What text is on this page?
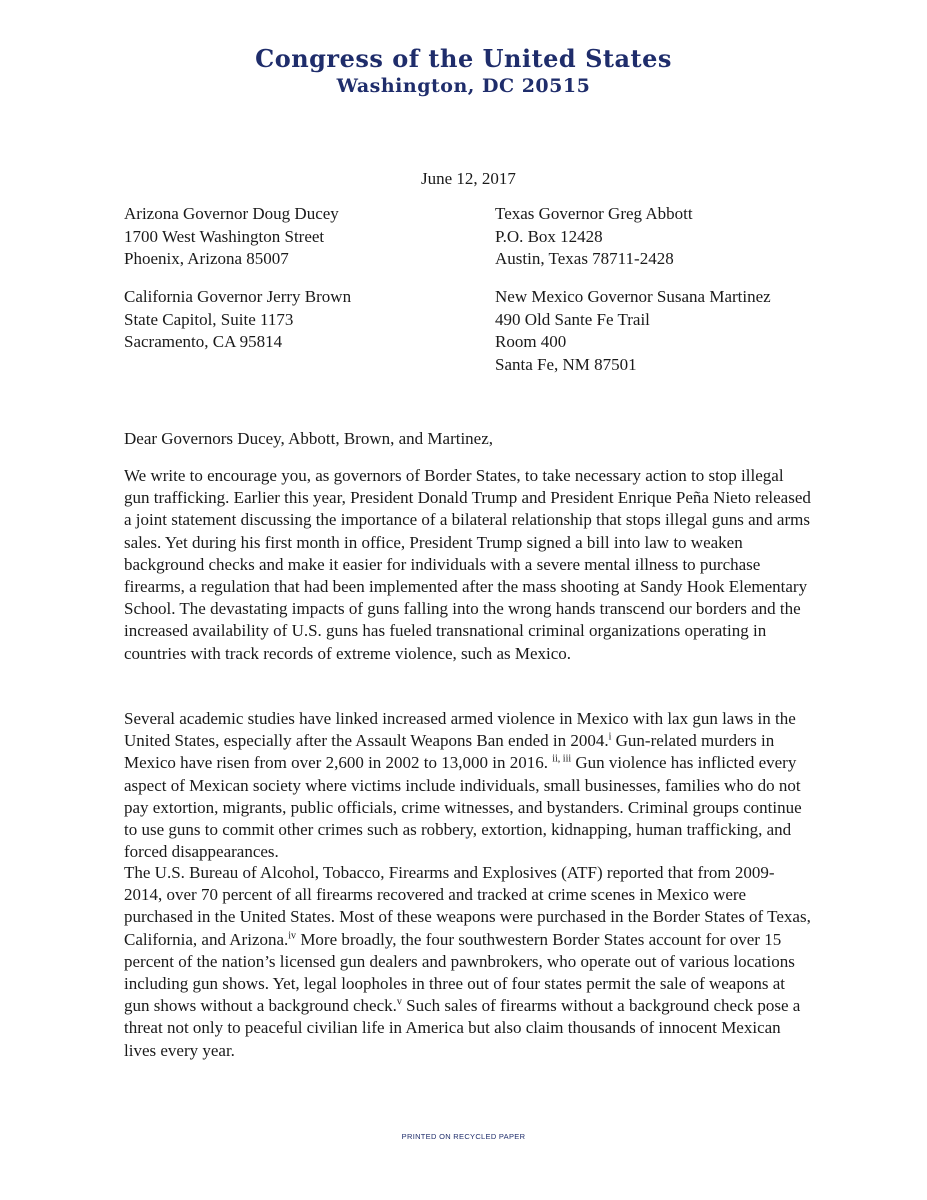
Congress of the United States
Washington, DC 20515
June 12, 2017
Arizona Governor Doug Ducey
1700 West Washington Street
Phoenix, Arizona 85007
Texas Governor Greg Abbott
P.O. Box 12428
Austin, Texas 78711-2428
California Governor Jerry Brown
State Capitol, Suite 1173
Sacramento, CA 95814
New Mexico Governor Susana Martinez
490 Old Sante Fe Trail
Room 400
Santa Fe, NM 87501
Dear Governors Ducey, Abbott, Brown, and Martinez,

We write to encourage you, as governors of Border States, to take necessary action to stop illegal gun trafficking. Earlier this year, President Donald Trump and President Enrique Peña Nieto released a joint statement discussing the importance of a bilateral relationship that stops illegal guns and arms sales. Yet during his first month in office, President Trump signed a bill into law to weaken background checks and make it easier for individuals with a severe mental illness to purchase firearms, a regulation that had been implemented after the mass shooting at Sandy Hook Elementary School. The devastating impacts of guns falling into the wrong hands transcend our borders and the increased availability of U.S. guns has fueled transnational criminal organizations operating in countries with track records of extreme violence, such as Mexico.

Several academic studies have linked increased armed violence in Mexico with lax gun laws in the United States, especially after the Assault Weapons Ban ended in 2004.$^i$ Gun-related murders in Mexico have risen from over 2,600 in 2002 to 13,000 in 2016. $^{ii, iii}$ Gun violence has inflicted every aspect of Mexican society where victims include individuals, small businesses, families who do not pay extortion, migrants, public officials, crime witnesses, and bystanders. Criminal groups continue to use guns to commit other crimes such as robbery, extortion, kidnapping, human trafficking, and forced disappearances.

The U.S. Bureau of Alcohol, Tobacco, Firearms and Explosives (ATF) reported that from 2009-2014, over 70 percent of all firearms recovered and tracked at crime scenes in Mexico were purchased in the United States. Most of these weapons were purchased in the Border States of Texas, California, and Arizona.$^{iv}$ More broadly, the four southwestern Border States account for over 15 percent of the nation’s licensed gun dealers and pawnbrokers, who operate out of various locations including gun shows. Yet, legal loopholes in three out of four states permit the sale of weapons at gun shows without a background check.$^v$ Such sales of firearms without a background check pose a threat not only to peaceful civilian life in America but also claim thousands of innocent Mexican lives every year.

PRINTED ON RECYCLED PAPER
